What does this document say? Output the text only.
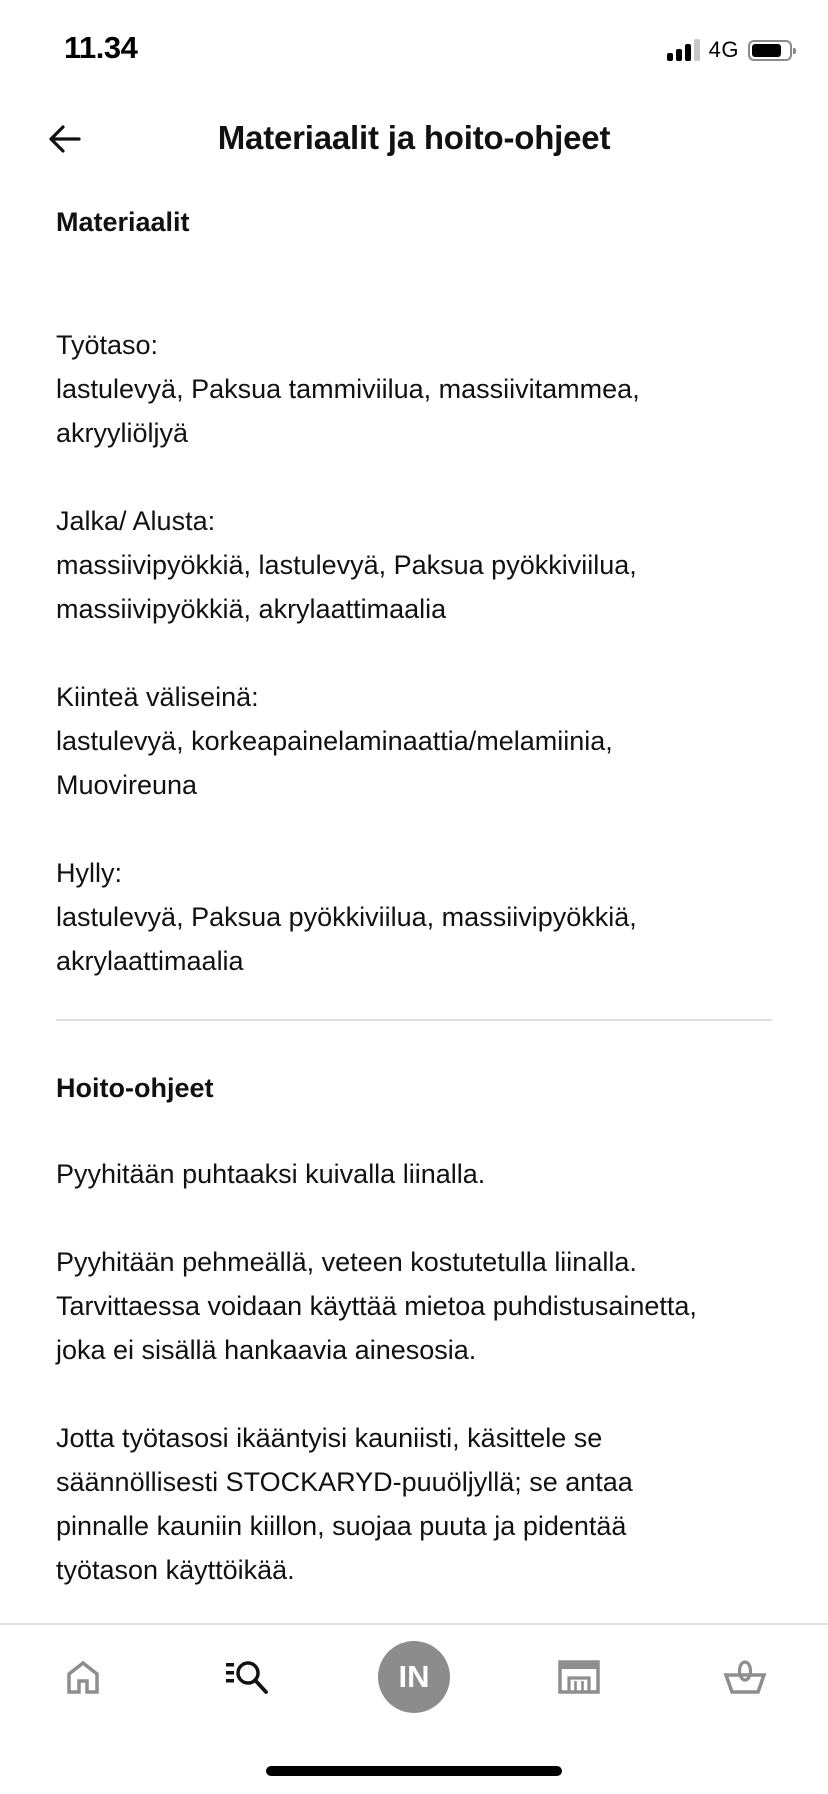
11.34	4G
Materiaalit ja hoito-ohjeet
Materiaalit

Työtaso:
lastulevyä, Paksua tammiviilua, massiivitammea,
akryyliöljyä

Jalka/ Alusta:
massiivipyökkiä, lastulevyä, Paksua pyökkiviilua,
massiivipyökkiä, akrylaattimaalia

Kiinteä väliseinä:
lastulevyä, korkeapainelaminaattia/melamiinia,
Muovireuna

Hylly:
lastulevyä, Paksua pyökkiviilua, massiivipyökkiä,
akrylaattimaalia

Hoito-ohjeet

Pyyhitään puhtaaksi kuivalla liinalla.

Pyyhitään pehmeällä, veteen kostutetulla liinalla.
Tarvittaessa voidaan käyttää mietoa puhdistusainetta,
joka ei sisällä hankaavia ainesosia.

Jotta työtasosi ikääntyisi kauniisti, käsittele se
säännöllisesti STOCKARYD-puuöljyllä; se antaa
pinnalle kauniin kiillon, suojaa puuta ja pidentää
työtason käyttöikää.

IN
